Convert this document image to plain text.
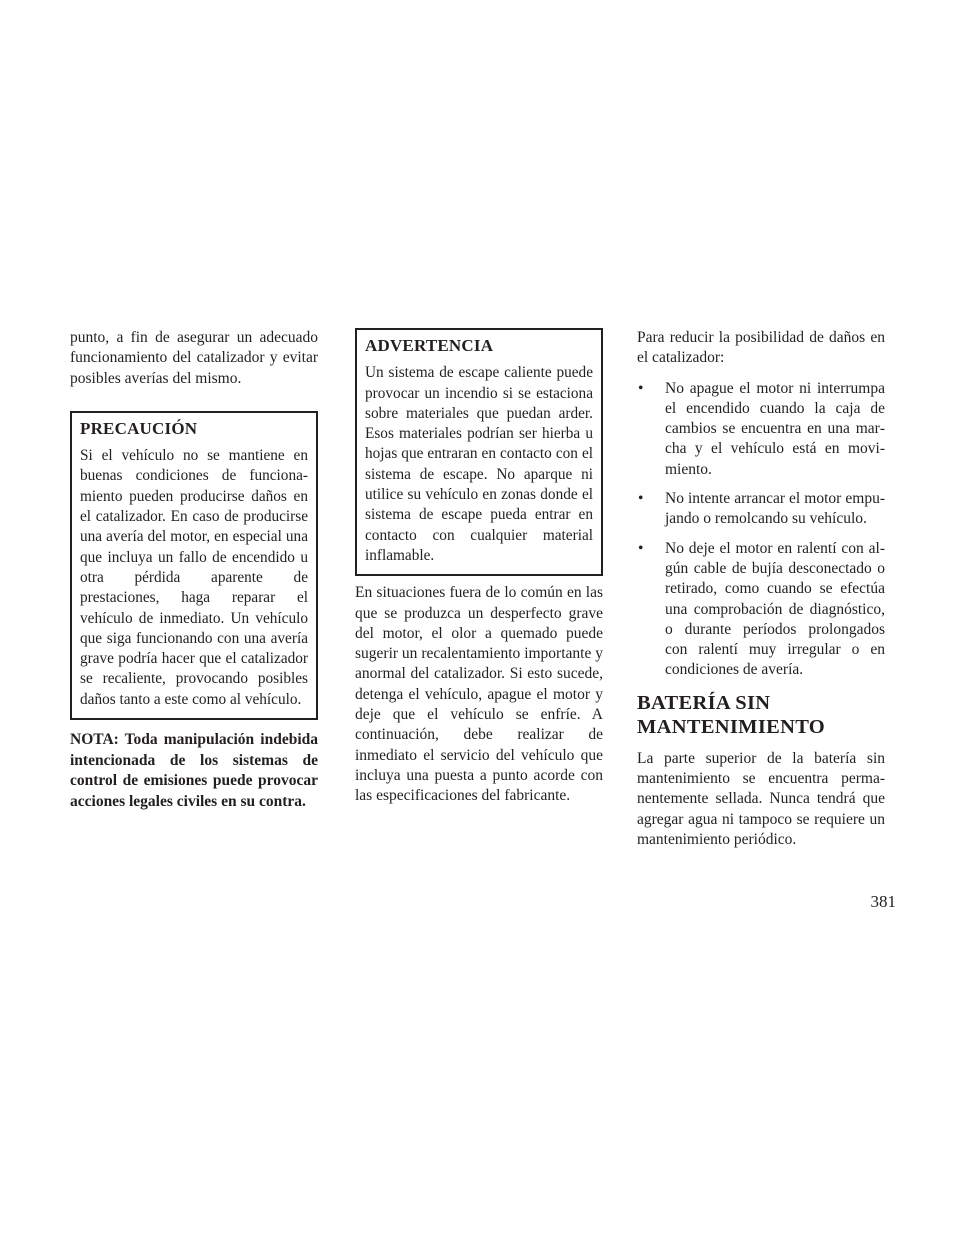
punto, a fin de asegurar un adecuado funcionamiento del catalizador y evitar posibles averías del mismo.

PRECAUCIÓN

Si el vehículo no se mantiene en buenas condiciones de funcionamiento pueden producirse daños en el catalizador. En caso de producirse una avería del motor, en especial una que incluya un fallo de encendido u otra pérdida aparente de prestaciones, haga reparar el vehículo de inmediato. Un vehículo que siga funcionando con una avería grave podría hacer que el catalizador se recaliente, provocando posibles daños tanto a este como al vehículo.

NOTA: Toda manipulación indebida intencionada de los sistemas de control de emisiones puede provocar acciones legales civiles en su contra.

ADVERTENCIA

Un sistema de escape caliente puede provocar un incendio si se estaciona sobre materiales que puedan arder. Esos materiales podrían ser hierba u hojas que entraran en contacto con el sistema de escape. No aparque ni utilice su vehículo en zonas donde el sistema de escape pueda entrar en contacto con cualquier material inflamable.

En situaciones fuera de lo común en las que se produzca un desperfecto grave del motor, el olor a quemado puede sugerir un recalentamiento importante y anormal del catalizador. Si esto sucede, detenga el vehículo, apague el motor y deje que el vehículo se enfríe. A continuación, debe realizar de inmediato el servicio del vehículo que incluya una puesta a punto acorde con las especificaciones del fabricante.

Para reducir la posibilidad de daños en el catalizador:

• No apague el motor ni interrumpa el encendido cuando la caja de cambios se encuentra en una marcha y el vehículo está en movimiento.
• No intente arrancar el motor empujando o remolcando su vehículo.
• No deje el motor en ralentí con algún cable de bujía desconectado o retirado, como cuando se efectúa una comprobación de diagnóstico, o durante períodos prolongados con ralentí muy irregular o en condiciones de avería.
BATERÍA SIN MANTENIMIENTO

La parte superior de la batería sin mantenimiento se encuentra permanentemente sellada. Nunca tendrá que agregar agua ni tampoco se requiere un mantenimiento periódico.

381
